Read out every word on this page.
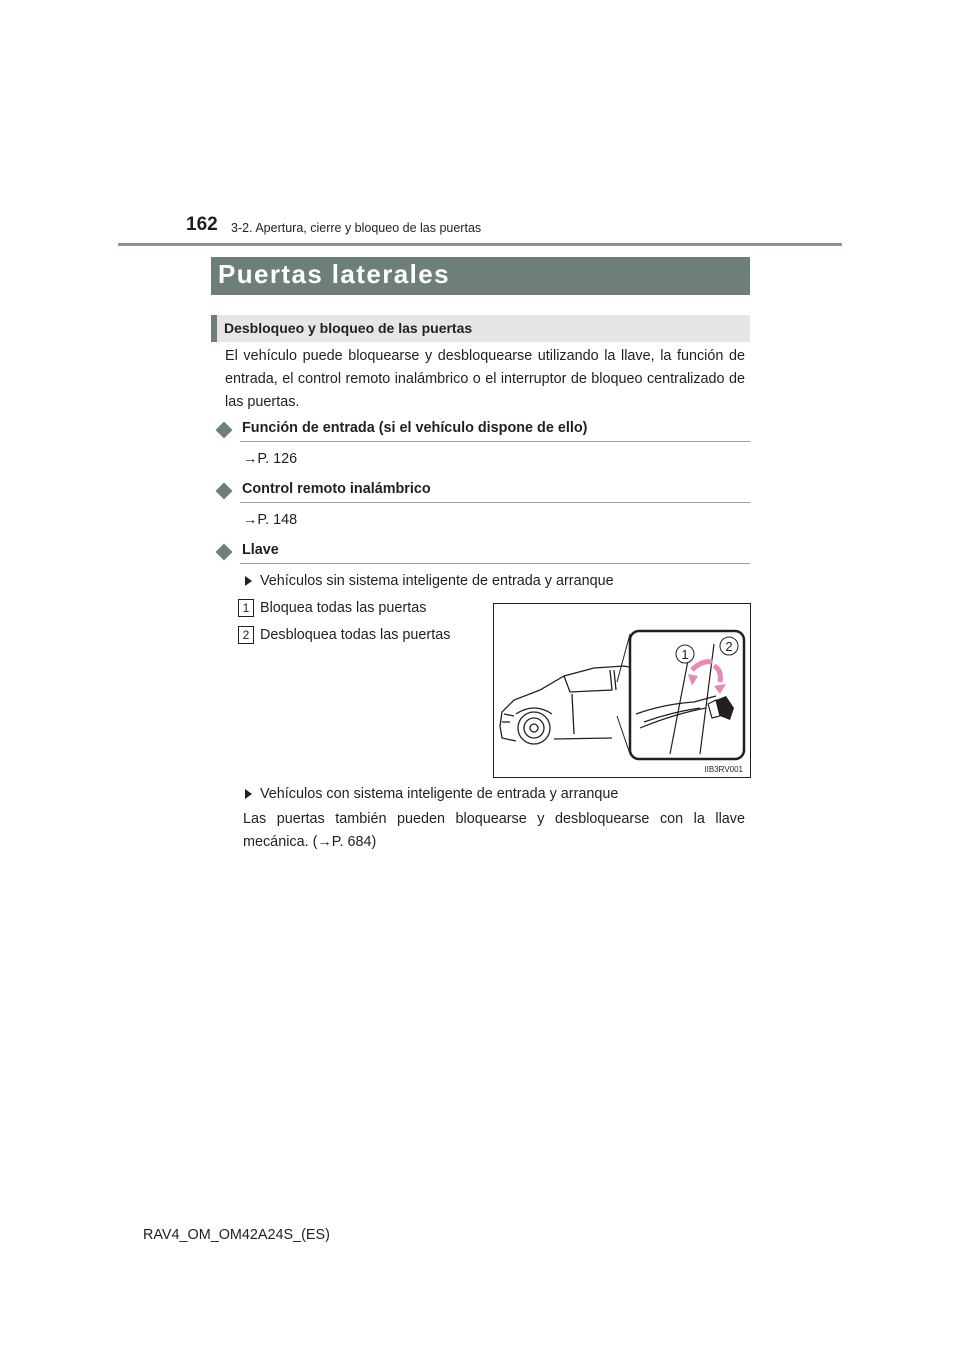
162 3-2. Apertura, cierre y bloqueo de las puertas
Puertas laterales
Desbloqueo y bloqueo de las puertas
El vehículo puede bloquearse y desbloquearse utilizando la llave, la función de entrada, el control remoto inalámbrico o el interruptor de bloqueo centralizado de las puertas.
Función de entrada (si el vehículo dispone de ello)
→P. 126
Control remoto inalámbrico
→P. 148
Llave
Vehículos sin sistema inteligente de entrada y arranque
1 Bloquea todas las puertas
2 Desbloquea todas las puertas
1
2
IIB3RV001
Vehículos con sistema inteligente de entrada y arranque
Las puertas también pueden bloquearse y desbloquearse con la llave mecánica. (→P. 684)
RAV4_OM_OM42A24S_(ES)
